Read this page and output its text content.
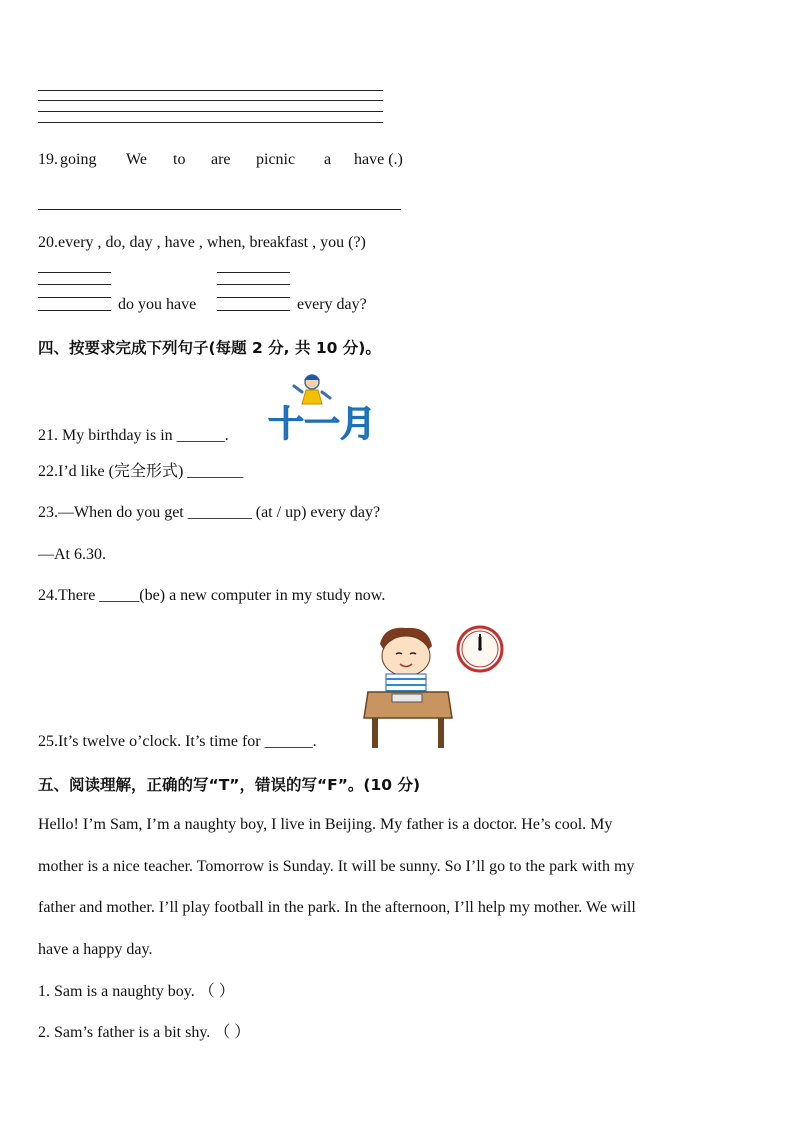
19. going We to are picnic a have (.)
20.every , do, day , have , when, breakfast , you (?)
do you have	every day?
四、按要求完成下列句子(每题 2 分, 共 10 分)。
21. My birthday is in ______. 十一月
22.I’d like (完全形式) _______
23.—When do you get ________ (at / up) every day?
—At 6.30.
24.There _____(be) a new computer in my study now.
25.It’s twelve o’clock. It’s time for ______.
五、阅读理解，正确的写“T”，错误的写“F”。(10 分)
Hello! I’m Sam, I’m a naughty boy, I live in Beijing. My father is a doctor. He’s cool. My
mother is a nice teacher. Tomorrow is Sunday. It will be sunny. So I’ll go to the park with my
father and mother. I’ll play football in the park. In the afternoon, I’ll help my mother. We will
have a happy day.
1. Sam is a naughty boy. （ ）
2. Sam’s father is a bit shy. （ ）
